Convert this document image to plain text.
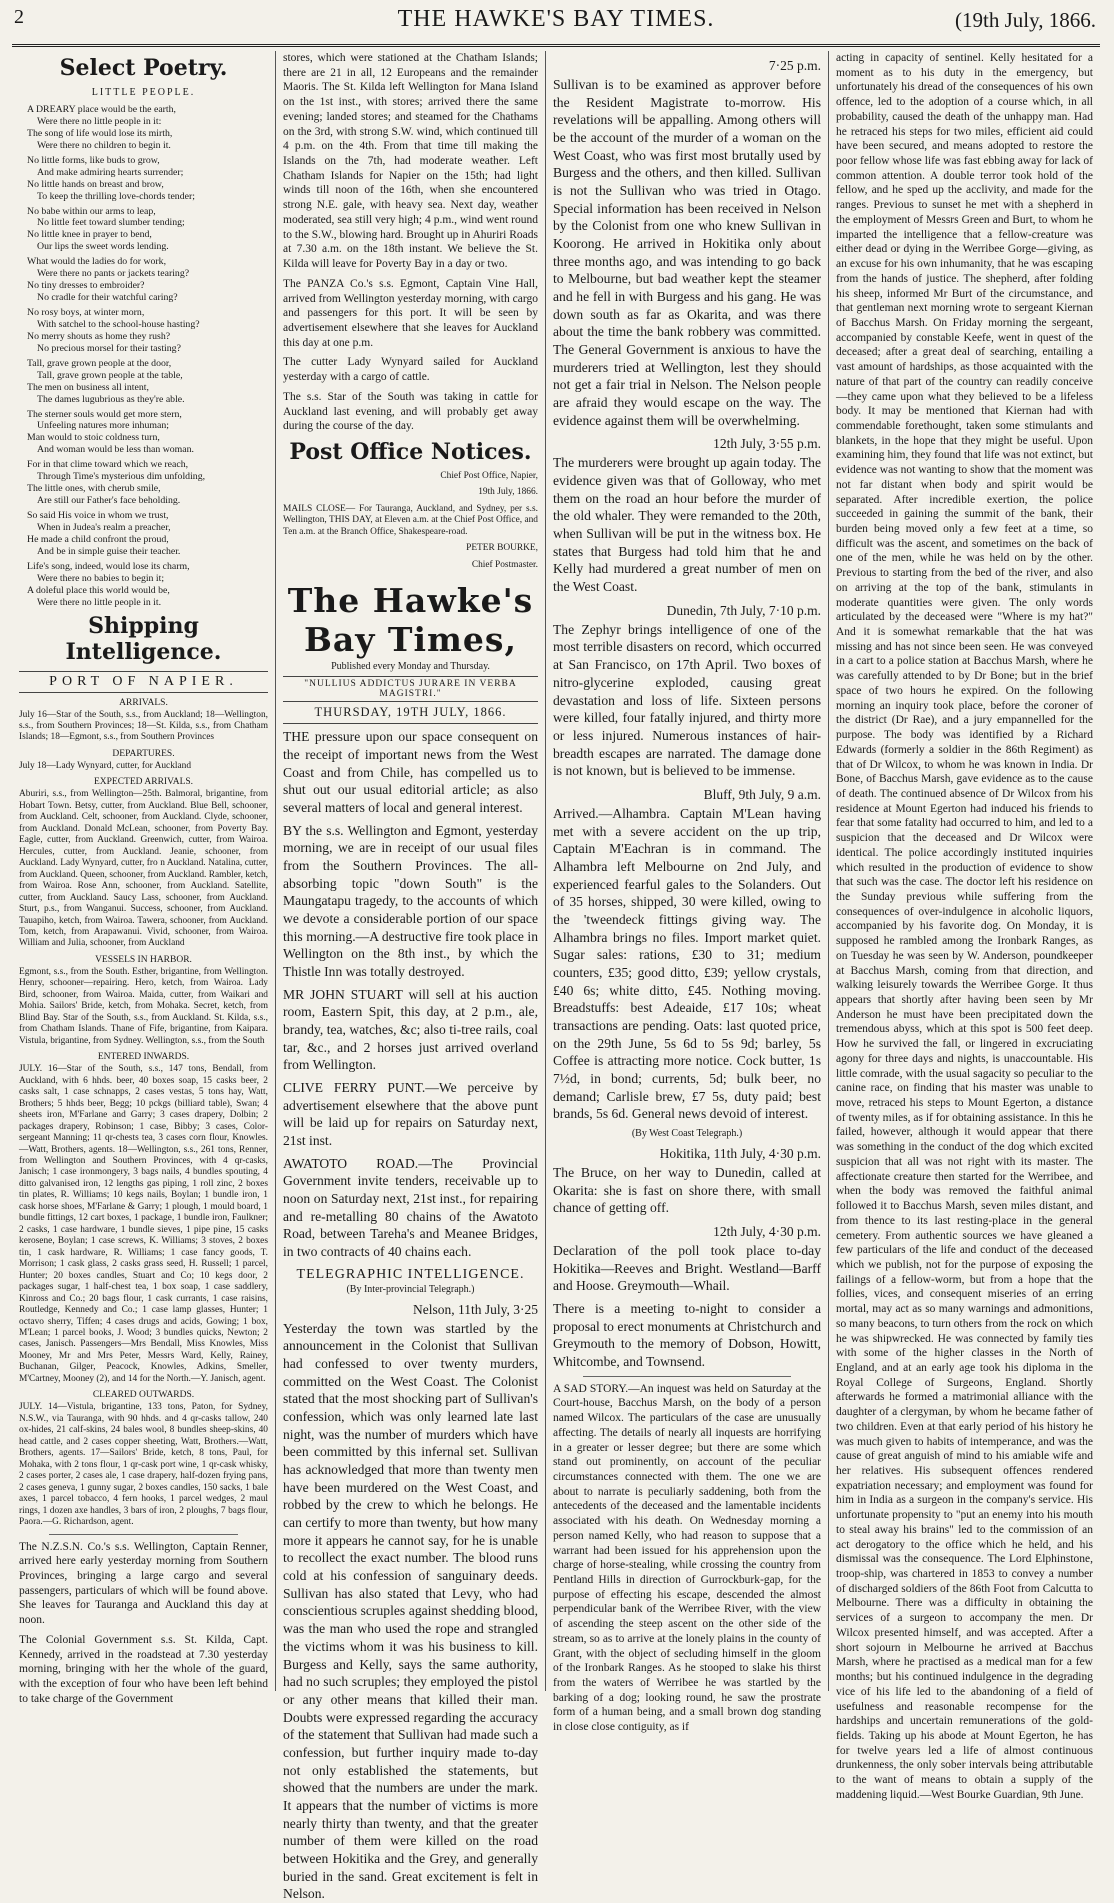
2	THE HAWKE'S BAY TIMES.	(19th July, 1866.
Select Poetry.
LITTLE PEOPLE.
A DREARY place would be the earth,
Were there no little people in it:
The song of life would lose its mirth,
Were there no children to begin it.
No little forms, like buds to grow,
And make admiring hearts surrender;
No little hands on breast and brow,
To keep the thrilling love-chords tender;
No babe within our arms to leap,
No little feet toward slumber tending;
No little knee in prayer to bend,
Our lips the sweet words lending.
What would the ladies do for work,
Were there no pants or jackets tearing?
No tiny dresses to embroider?
No cradle for their watchful caring?
No rosy boys, at winter morn,
With satchel to the school-house hasting?
No merry shouts as home they rush?
No precious morsel for their tasting?
Tall, grave grown people at the door,
Tall, grave grown people at the table,
The men on business all intent,
The dames lugubrious as they're able.
The sterner souls would get more stern,
Unfeeling natures more inhuman;
Man would to stoic coldness turn,
And woman would be less than woman.
For in that clime toward which we reach,
Through Time's mysterious dim unfolding,
The little ones, with cherub smile,
Are still our Father's face beholding.
So said His voice in whom we trust,
When in Judea's realm a preacher,
He made a child confront the proud,
And be in simple guise their teacher.
Life's song, indeed, would lose its charm,
Were there no babies to begin it;
A doleful place this world would be,
Were there no little people in it.
Shipping Intelligence.
PORT OF NAPIER.
ARRIVALS.

July 16—Star of the South, s.s., from Auckland; 18—Wellington, s.s., from Southern Provinces; 18—St. Kilda, s.s., from Chatham Islands; 18—Egmont, s.s., from Southern Provinces

DEPARTURES.

July 18—Lady Wynyard, cutter, for Auckland

EXPECTED ARRIVALS.

Aburiri, s.s., from Wellington—25th. Balmoral, brigantine, from Hobart Town. Betsy, cutter, from Auckland. Blue Bell, schooner, from Auckland. Celt, schooner, from Auckland. Clyde, schooner, from Auckland. Donald McLean, schooner, from Poverty Bay. Eagle, cutter, from Auckland. Greenwich, cutter, from Wairoa. Hercules, cutter, from Auckland. Jeanie, schooner, from Auckland. Lady Wynyard, cutter, fro n Auckland. Natalina, cutter, from Auckland. Queen, schooner, from Auckland. Rambler, ketch, from Wairoa. Rose Ann, schooner, from Auckland. Satellite, cutter, from Auckland. Saucy Lass, schooner, from Auckland. Sturt, p.s., from Wanganui. Success, schooner, from Auckland. Tauapiho, ketch, from Wairoa. Tawera, schooner, from Auckland. Tom, ketch, from Arapawanui. Vivid, schooner, from Wairoa. William and Julia, schooner, from Auckland

VESSELS IN HARBOR.

Egmont, s.s., from the South. Esther, brigantine, from Wellington. Henry, schooner—repairing. Hero, ketch, from Wairoa. Lady Bird, schooner, from Wairoa. Maida, cutter, from Waikari and Mohia. Sailors' Bride, ketch, from Mohaka. Secret, ketch, from Blind Bay. Star of the South, s.s., from Auckland. St. Kilda, s.s., from Chatham Islands. Thane of Fife, brigantine, from Kaipara. Vistula, brigantine, from Sydney. Wellington, s.s., from the South

ENTERED INWARDS.

JULY. 16—Star of the South, s.s., 147 tons, Bendall, from Auckland, with 6 hhds. beer, 40 boxes soap, 15 casks beer, 2 casks salt, 1 case schnapps, 2 cases vestas, 5 tons hay, Watt, Brothers; 5 hhds beer, Begg; 10 pckgs (billiard table), Swan; 4 sheets iron, M'Farlane and Garry; 3 cases drapery, Dolbin; 2 packages drapery, Robinson; 1 case, Bibby; 3 cases, Color-sergeant Manning; 11 qr-chests tea, 3 cases corn flour, Knowles.—Watt, Brothers, agents. 18—Wellington, s.s., 261 tons, Renner, from Wellington and Southern Provinces, with 4 qr-casks, Janisch; 1 case ironmongery, 3 bags nails, 4 bundles spouting, 4 ditto galvanised iron, 12 lengths gas piping, 1 roll zinc, 2 boxes tin plates, R. Williams; 10 kegs nails, Boylan; 1 bundle iron, 1 cask horse shoes, M'Farlane & Garry; 1 plough, 1 mould board, 1 bundle fittings, 12 cart boxes, 1 package, 1 bundle iron, Faulkner; 2 casks, 1 case hardware, 1 bundle sieves, 1 pipe pine, 15 casks kerosene, Boylan; 1 case screws, K. Williams; 3 stoves, 2 boxes tin, 1 cask hardware, R. Williams; 1 case fancy goods, T. Morrison; 1 cask glass, 2 casks grass seed, H. Russell; 1 parcel, Hunter; 20 boxes candles, Stuart and Co; 10 kegs door, 2 packages sugar, 1 half-chest tea, 1 box soap, 1 case saddlery, Kinross and Co.; 20 bags flour, 1 cask currants, 1 case raisins, Routledge, Kennedy and Co.; 1 case lamp glasses, Hunter; 1 octavo sherry, Tiffen; 4 cases drugs and acids, Gowing; 1 box, M'Lean; 1 parcel books, J. Wood; 3 bundles quicks, Newton; 2 cases, Janisch. Passengers—Mrs Bendall, Miss Knowles, Miss Mooney, Mr and Mrs Peter, Messrs Ward, Kelly, Rainey, Buchanan, Gilger, Peacock, Knowles, Adkins, Smeller, M'Cartney, Mooney (2), and 14 for the North.—Y. Janisch, agent.

CLEARED OUTWARDS.

JULY. 14—Vistula, brigantine, 133 tons, Paton, for Sydney, N.S.W., via Tauranga, with 90 hhds. and 4 qr-casks tallow, 240 ox-hides, 21 calf-skins, 24 bales wool, 8 bundles sheep-skins, 40 head cattle, and 2 cases copper sheeting, Watt, Brothers.—Watt, Brothers, agents. 17—Sailors' Bride, ketch, 8 tons, Paul, for Mohaka, with 2 tons flour, 1 qr-cask port wine, 1 qr-cask whisky, 2 cases porter, 2 cases ale, 1 case drapery, half-dozen frying pans, 2 cases geneva, 1 gunny sugar, 2 boxes candles, 150 sacks, 1 bale axes, 1 parcel tobacco, 4 fern hooks, 1 parcel wedges, 2 maul rings, 1 dozen axe handles, 3 bars of iron, 2 ploughs, 7 bags flour, Paora.—G. Richardson, agent.

The N.Z.S.N. Co.'s s.s. Wellington, Captain Renner, arrived here early yesterday morning from Southern Provinces, bringing a large cargo and several passengers, particulars of which will be found above. She leaves for Tauranga and Auckland this day at noon.

The Colonial Government s.s. St. Kilda, Capt. Kennedy, arrived in the roadstead at 7.30 yesterday morning, bringing with her the whole of the guard, with the exception of four who have been left behind to take charge of the Government

stores, which were stationed at the Chatham Islands; there are 21 in all, 12 Europeans and the remainder Maoris. The St. Kilda left Wellington for Mana Island on the 1st inst., with stores; arrived there the same evening; landed stores; and steamed for the Chathams on the 3rd, with strong S.W. wind, which continued till 4 p.m. on the 4th. From that time till making the Islands on the 7th, had moderate weather. Left Chatham Islands for Napier on the 15th; had light winds till noon of the 16th, when she encountered strong N.E. gale, with heavy sea. Next day, weather moderated, sea still very high; 4 p.m., wind went round to the S.W., blowing hard. Brought up in Ahuriri Roads at 7.30 a.m. on the 18th instant. We believe the St. Kilda will leave for Poverty Bay in a day or two.

The PANZA Co.'s s.s. Egmont, Captain Vine Hall, arrived from Wellington yesterday morning, with cargo and passengers for this port. It will be seen by advertisement elsewhere that she leaves for Auckland this day at one p.m.

The cutter Lady Wynyard sailed for Auckland yesterday with a cargo of cattle.

The s.s. Star of the South was taking in cattle for Auckland last evening, and will probably get away during the course of the day.

Post Office Notices.
Chief Post Office, Napier,
19th July, 1866.

MAILS CLOSE— For Tauranga, Auckland, and Sydney, per s.s. Wellington, THIS DAY, at Eleven a.m. at the Chief Post Office, and Ten a.m. at the Branch Office, Shakespeare-road.

PETER BOURKE,
Chief Postmaster.
The Hawke's Bay Times,
Published every Monday and Thursday.
"NULLIUS ADDICTUS JURARE IN VERBA MAGISTRI."
THURSDAY, 19TH JULY, 1866.

THE pressure upon our space consequent on the receipt of important news from the West Coast and from Chile, has compelled us to shut out our usual editorial article; as also several matters of local and general interest.

BY the s.s. Wellington and Egmont, yesterday morning, we are in receipt of our usual files from the Southern Provinces. The all-absorbing topic "down South" is the Maungatapu tragedy, to the accounts of which we devote a considerable portion of our space this morning.—A destructive fire took place in Wellington on the 8th inst., by which the Thistle Inn was totally destroyed.

MR JOHN STUART will sell at his auction room, Eastern Spit, this day, at 2 p.m., ale, brandy, tea, watches, &c; also ti-tree rails, coal tar, &c., and 2 horses just arrived overland from Wellington.

CLIVE FERRY PUNT.—We perceive by advertisement elsewhere that the above punt will be laid up for repairs on Saturday next, 21st inst.

AWATOTO ROAD.—The Provincial Government invite tenders, receivable up to noon on Saturday next, 21st inst., for repairing and re-metalling 80 chains of the Awatoto Road, between Tareha's and Meanee Bridges, in two contracts of 40 chains each.

TELEGRAPHIC INTELLIGENCE.
(By Inter-provincial Telegraph.)
Nelson, 11th July, 3·25

Yesterday the town was startled by the announcement in the Colonist that Sullivan had confessed to over twenty murders, committed on the West Coast. The Colonist stated that the most shocking part of Sullivan's confession, which was only learned late last night, was the number of murders which have been committed by this infernal set. Sullivan has acknowledged that more than twenty men have been murdered on the West Coast, and robbed by the crew to which he belongs. He can certify to more than twenty, but how many more it appears he cannot say, for he is unable to recollect the exact number. The blood runs cold at his confession of sanguinary deeds. Sullivan has also stated that Levy, who had conscientious scruples against shedding blood, was the man who used the rope and strangled the victims whom it was his business to kill. Burgess and Kelly, says the same authority, had no such scruples; they employed the pistol or any other means that killed their man. Doubts were expressed regarding the accuracy of the statement that Sullivan had made such a confession, but further inquiry made to-day not only established the statements, but showed that the numbers are under the mark. It appears that the number of victims is more nearly thirty than twenty, and that the greater number of them were killed on the road between Hokitika and the Grey, and generally buried in the sand. Great excitement is felt in Nelson.

7·25 p.m.

Sullivan is to be examined as approver before the Resident Magistrate to-morrow. His revelations will be appalling. Among others will be the account of the murder of a woman on the West Coast, who was first most brutally used by Burgess and the others, and then killed. Sullivan is not the Sullivan who was tried in Otago. Special information has been received in Nelson by the Colonist from one who knew Sullivan in Koorong. He arrived in Hokitika only about three months ago, and was intending to go back to Melbourne, but bad weather kept the steamer and he fell in with Burgess and his gang. He was down south as far as Okarita, and was there about the time the bank robbery was committed. The General Government is anxious to have the murderers tried at Wellington, lest they should not get a fair trial in Nelson. The Nelson people are afraid they would escape on the way. The evidence against them will be overwhelming.

12th July, 3·55 p.m.

The murderers were brought up again today. The evidence given was that of Golloway, who met them on the road an hour before the murder of the old whaler. They were remanded to the 20th, when Sullivan will be put in the witness box. He states that Burgess had told him that he and Kelly had murdered a great number of men on the West Coast.

Dunedin, 7th July, 7·10 p.m.

The Zephyr brings intelligence of one of the most terrible disasters on record, which occurred at San Francisco, on 17th April. Two boxes of nitro-glycerine exploded, causing great devastation and loss of life. Sixteen persons were killed, four fatally injured, and thirty more or less injured. Numerous instances of hair-breadth escapes are narrated. The damage done is not known, but is believed to be immense.

Bluff, 9th July, 9 a.m.

Arrived.—Alhambra. Captain M'Lean having met with a severe accident on the up trip, Captain M'Eachran is in command. The Alhambra left Melbourne on 2nd July, and experienced fearful gales to the Solanders. Out of 35 horses, shipped, 30 were killed, owing to the 'tweendeck fittings giving way. The Alhambra brings no files. Import market quiet. Sugar sales: rations, £30 to 31; medium counters, £35; good ditto, £39; yellow crystals, £40 6s; white ditto, £45. Nothing moving. Breadstuffs: best Adeaide, £17 10s; wheat transactions are pending. Oats: last quoted price, on the 29th June, 5s 6d to 5s 9d; barley, 5s Coffee is attracting more notice. Cock butter, 1s 7½d, in bond; currents, 5d; bulk beer, no demand; Carlisle brew, £7 5s, duty paid; best brands, 5s 6d. General news devoid of interest.

(By West Coast Telegraph.)
Hokitika, 11th July, 4·30 p.m.

The Bruce, on her way to Dunedin, called at Okarita: she is fast on shore there, with small chance of getting off.

12th July, 4·30 p.m.

Declaration of the poll took place to-day Hokitika—Reeves and Bright. Westland—Barff and Hoose. Greymouth—Whail.

There is a meeting to-night to consider a proposal to erect monuments at Christchurch and Greymouth to the memory of Dobson, Howitt, Whitcombe, and Townsend.

A SAD STORY.—An inquest was held on Saturday at the Court-house, Bacchus Marsh, on the body of a person named Wilcox. The particulars of the case are unusually affecting. The details of nearly all inquests are horrifying in a greater or lesser degree; but there are some which stand out prominently, on account of the peculiar circumstances connected with them. The one we are about to narrate is peculiarly saddening, both from the antecedents of the deceased and the lamentable incidents associated with his death. On Wednesday morning a person named Kelly, who had reason to suppose that a warrant had been issued for his apprehension upon the charge of horse-stealing, while crossing the country from Pentland Hills in direction of Gurrockburk-gap, for the purpose of effecting his escape, descended the almost perpendicular bank of the Werribee River, with the view of ascending the steep ascent on the other side of the stream, so as to arrive at the lonely plains in the county of Grant, with the object of secluding himself in the gloom of the Ironbark Ranges. As he stooped to slake his thirst from the waters of Werribee he was startled by the barking of a dog; looking round, he saw the prostrate form of a human being, and a small brown dog standing in close close contiguity, as if

acting in capacity of sentinel. Kelly hesitated for a moment as to his duty in the emergency, but unfortunately his dread of the consequences of his own offence, led to the adoption of a course which, in all probability, caused the death of the unhappy man. Had he retraced his steps for two miles, efficient aid could have been secured, and means adopted to restore the poor fellow whose life was fast ebbing away for lack of common attention. A double terror took hold of the fellow, and he sped up the acclivity, and made for the ranges. Previous to sunset he met with a shepherd in the employment of Messrs Green and Burt, to whom he imparted the intelligence that a fellow-creature was either dead or dying in the Werribee Gorge—giving, as an excuse for his own inhumanity, that he was escaping from the hands of justice. The shepherd, after folding his sheep, informed Mr Burt of the circumstance, and that gentleman next morning wrote to sergeant Kiernan of Bacchus Marsh. On Friday morning the sergeant, accompanied by constable Keefe, went in quest of the deceased; after a great deal of searching, entailing a vast amount of hardships, as those acquainted with the nature of that part of the country can readily conceive—they came upon what they believed to be a lifeless body. It may be mentioned that Kiernan had with commendable forethought, taken some stimulants and blankets, in the hope that they might be useful. Upon examining him, they found that life was not extinct, but evidence was not wanting to show that the moment was not far distant when body and spirit would be separated. After incredible exertion, the police succeeded in gaining the summit of the bank, their burden being moved only a few feet at a time, so difficult was the ascent, and sometimes on the back of one of the men, while he was held on by the other. Previous to starting from the bed of the river, and also on arriving at the top of the bank, stimulants in moderate quantities were given. The only words articulated by the deceased were "Where is my hat?" And it is somewhat remarkable that the hat was missing and has not since been seen. He was conveyed in a cart to a police station at Bacchus Marsh, where he was carefully attended to by Dr Bone; but in the brief space of two hours he expired. On the following morning an inquiry took place, before the coroner of the district (Dr Rae), and a jury empannelled for the purpose. The body was identified by a Richard Edwards (formerly a soldier in the 86th Regiment) as that of Dr Wilcox, to whom he was known in India. Dr Bone, of Bacchus Marsh, gave evidence as to the cause of death. The continued absence of Dr Wilcox from his residence at Mount Egerton had induced his friends to fear that some fatality had occurred to him, and led to a suspicion that the deceased and Dr Wilcox were identical. The police accordingly instituted inquiries which resulted in the production of evidence to show that such was the case. The doctor left his residence on the Sunday previous while suffering from the consequences of over-indulgence in alcoholic liquors, accompanied by his favorite dog. On Monday, it is supposed he rambled among the Ironbark Ranges, as on Tuesday he was seen by W. Anderson, poundkeeper at Bacchus Marsh, coming from that direction, and walking leisurely towards the Werribee Gorge. It thus appears that shortly after having been seen by Mr Anderson he must have been precipitated down the tremendous abyss, which at this spot is 500 feet deep. How he survived the fall, or lingered in excruciating agony for three days and nights, is unaccountable. His little comrade, with the usual sagacity so peculiar to the canine race, on finding that his master was unable to move, retraced his steps to Mount Egerton, a distance of twenty miles, as if for obtaining assistance. In this he failed, however, although it would appear that there was something in the conduct of the dog which excited suspicion that all was not right with its master. The affectionate creature then started for the Werribee, and when the body was removed the faithful animal followed it to Bacchus Marsh, seven miles distant, and from thence to its last resting-place in the general cemetery. From authentic sources we have gleaned a few particulars of the life and conduct of the deceased which we publish, not for the purpose of exposing the failings of a fellow-worm, but from a hope that the follies, vices, and consequent miseries of an erring mortal, may act as so many warnings and admonitions, so many beacons, to turn others from the rock on which he was shipwrecked. He was connected by family ties with some of the higher classes in the North of England, and at an early age took his diploma in the Royal College of Surgeons, England. Shortly afterwards he formed a matrimonial alliance with the daughter of a clergyman, by whom he became father of two children. Even at that early period of his history he was much given to habits of intemperance, and was the cause of great anguish of mind to his amiable wife and her relatives. His subsequent offences rendered expatriation necessary; and employment was found for him in India as a surgeon in the company's service. His unfortunate propensity to "put an enemy into his mouth to steal away his brains" led to the commission of an act derogatory to the office which he held, and his dismissal was the consequence. The Lord Elphinstone, troop-ship, was chartered in 1853 to convey a number of discharged soldiers of the 86th Foot from Calcutta to Melbourne. There was a difficulty in obtaining the services of a surgeon to accompany the men. Dr Wilcox presented himself, and was accepted. After a short sojourn in Melbourne he arrived at Bacchus Marsh, where he practised as a medical man for a few months; but his continued indulgence in the degrading vice of his life led to the abandoning of a field of usefulness and reasonable recompense for the hardships and uncertain remunerations of the gold-fields. Taking up his abode at Mount Egerton, he has for twelve years led a life of almost continuous drunkenness, the only sober intervals being attributable to the want of means to obtain a supply of the maddening liquid.—West Bourke Guardian, 9th June.
